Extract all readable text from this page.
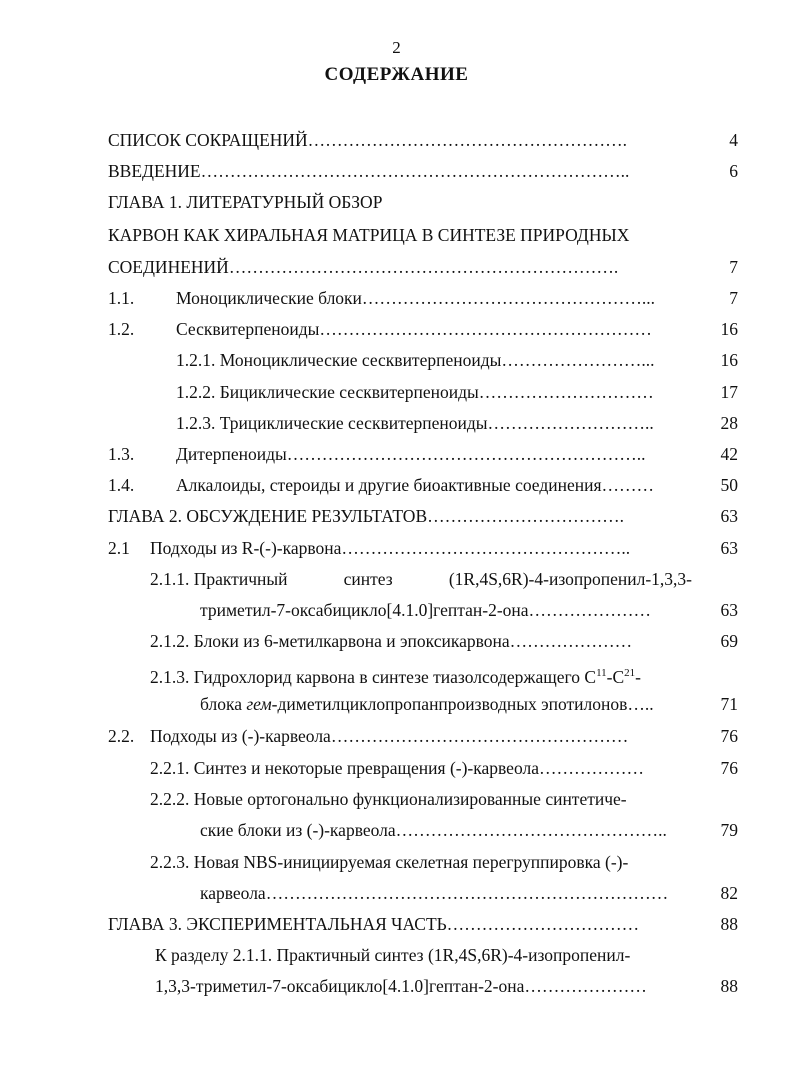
2
СОДЕРЖАНИЕ
СПИСОК СОКРАЩЕНИЙ……………………………………………….	4
ВВЕДЕНИЕ………………………………………………………………..	6
ГЛАВА 1. ЛИТЕРАТУРНЫЙ ОБЗОР
КАРВОН КАК ХИРАЛЬНАЯ МАТРИЦА В СИНТЕЗЕ ПРИРОДНЫХ
СОЕДИНЕНИЙ………………………………………………………….	7
1.1. Моноциклические блоки…………………………………………...	7
1.2. Сесквитерпеноиды…………………………………………………	16
1.2.1. Моноциклические сесквитерпеноиды……………………...	16
1.2.2. Бициклические сесквитерпеноиды…………………………	17
1.2.3. Трициклические сесквитерпеноиды………………………..	28
1.3. Дитерпеноиды……………………………………………………..	42
1.4. Алкалоиды, стероиды и другие биоактивные соединения………	50
ГЛАВА 2. ОБСУЖДЕНИЕ РЕЗУЛЬТАТОВ…………………………….	63
2.1 Подходы из R-(-)-карвона…………………………………………..	63
2.1.1. Практичный	синтез	(1R,4S,6R)-4-изопропенил-1,3,3-
триметил-7-оксабицикло[4.1.0]гептан-2-она…………………	63
2.1.2. Блоки из 6-метилкарвона и эпоксикарвона…………………	69
2.1.3. Гидрохлорид карвона в синтезе тиазолсодержащего $C^{11}-C^{21}-$
блока гем-диметилциклопропанпроизводных эпотилонов…..	71
2.2. Подходы из (-)-карвеола……………………………………………	76
2.2.1. Синтез и некоторые превращения (-)-карвеола………………	76
2.2.2. Новые ортогонально функционализированные синтетиче-
ские блоки из (-)-карвеола………………………………………..	79
2.2.3. Новая NBS-инициируемая скелетная перегруппировка (-)-
карвеола……………………………………………………………	82
ГЛАВА 3. ЭКСПЕРИМЕНТАЛЬНАЯ ЧАСТЬ……………………………	88
К разделу 2.1.1. Практичный синтез (1R,4S,6R)-4-изопропенил-
1,3,3-триметил-7-оксабицикло[4.1.0]гептан-2-она…………………	88
